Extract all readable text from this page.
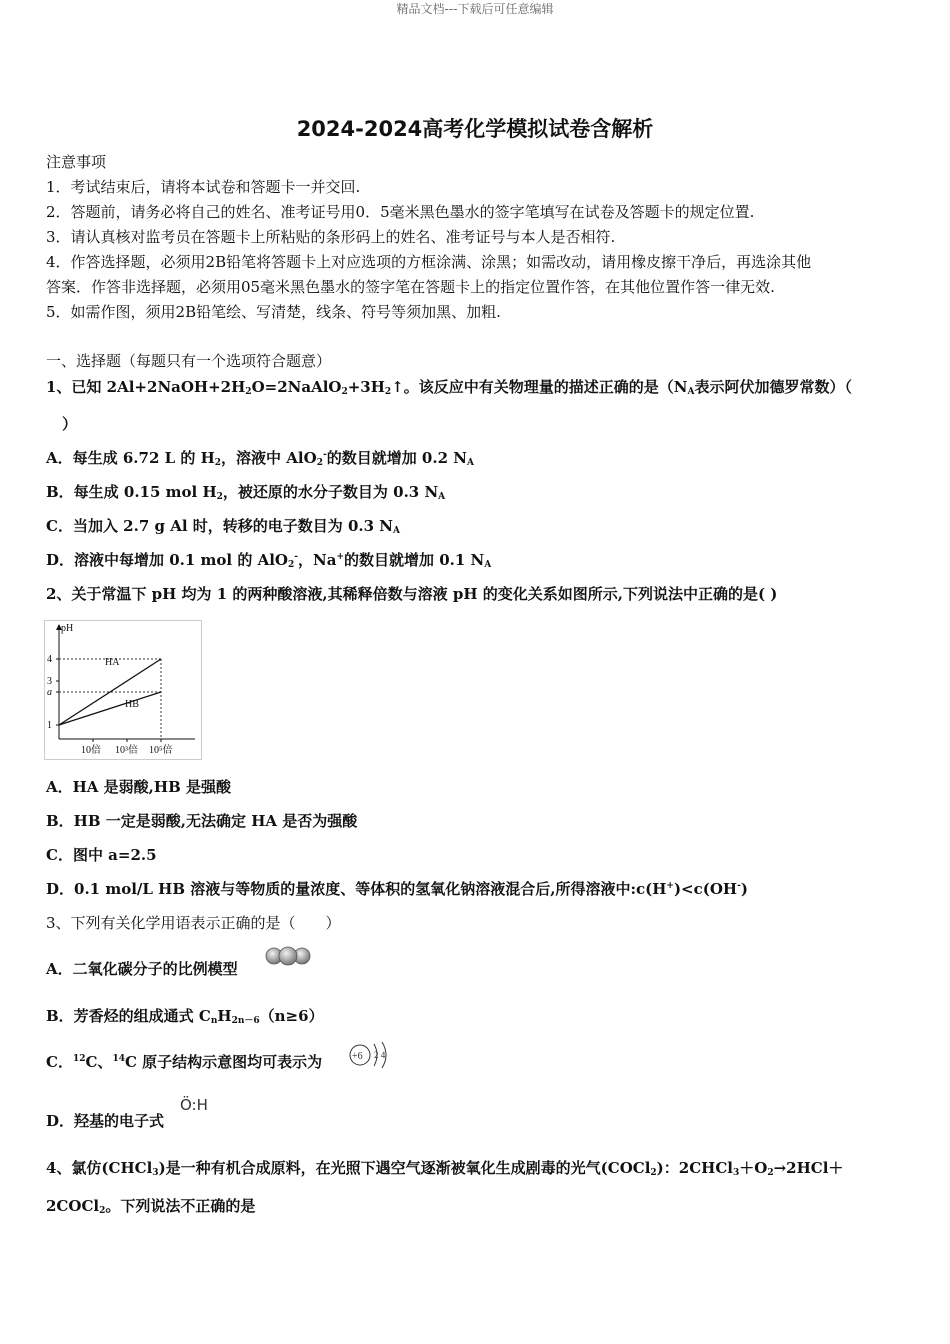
精品文档---下载后可任意编辑
2024-2024高考化学模拟试卷含解析
注意事项
1．考试结束后，请将本试卷和答题卡一并交回.
2．答题前，请务必将自己的姓名、准考证号用0．5毫米黑色墨水的签字笔填写在试卷及答题卡的规定位置.
3．请认真核对监考员在答题卡上所粘贴的条形码上的姓名、准考证号与本人是否相符.
4．作答选择题，必须用2B铅笔将答题卡上对应选项的方框涂满、涂黑；如需改动，请用橡皮擦干净后，再选涂其他
答案．作答非选择题，必须用05毫米黑色墨水的签字笔在答题卡上的指定位置作答，在其他位置作答一律无效.
5．如需作图，须用2B铅笔绘、写清楚，线条、符号等须加黑、加粗.
一、选择题（每题只有一个选项符合题意）
1、已知 $2Al+2NaOH+2H_2O=2NaAlO_2+3H_2↑$。该反应中有关物理量的描述正确的是（$N_A$表示阿伏加德罗常数）（
）
A．每生成 6.72 L 的 $H_2$，溶液中 AlO$_2$-的数目就增加 0.2 $N_A$
B．每生成 0.15 mol $H_2$，被还原的水分子数目为 0.3 $N_A$
C．当加入 2.7 g Al 时，转移的电子数目为 0.3 $N_A$
D．溶液中每增加 0.1 mol 的 AlO$_2$-，Na+的数目就增加 0.1 $N_A$
2、关于常温下 pH 均为 1 的两种酸溶液,其稀释倍数与溶液 pH 的变化关系如图所示,下列说法中正确的是( )
pH
1
a
3
4
10倍 10³倍 10⁵倍
HA
HB
A．HA 是弱酸,HB 是强酸
B．HB 一定是弱酸,无法确定 HA 是否为强酸
C．图中 a=2.5
D．0.1 mol/L HB 溶液与等物质的量浓度、等体积的氢氧化钠溶液混合后,所得溶液中:c(H+)<c(OH-)
3、下列有关化学用语表示正确的是（　　）
A．二氧化碳分子的比例模型
B．芳香烃的组成通式 $C_nH_{2n-6}(n\ge 6)$
C．$^{12}$C、$^{14}$C 原子结构示意图均可表示为	+6 2 4
D．羟基的电子式
Ö:H
4、氯仿(CHCl$_3$)是一种有机合成原料，在光照下遇空气逐渐被氧化生成剧毒的光气(COCl$_2$)：$2CHCl_3+O_2\to 2HCl+$
2COCl$_2$。下列说法不正确的是
